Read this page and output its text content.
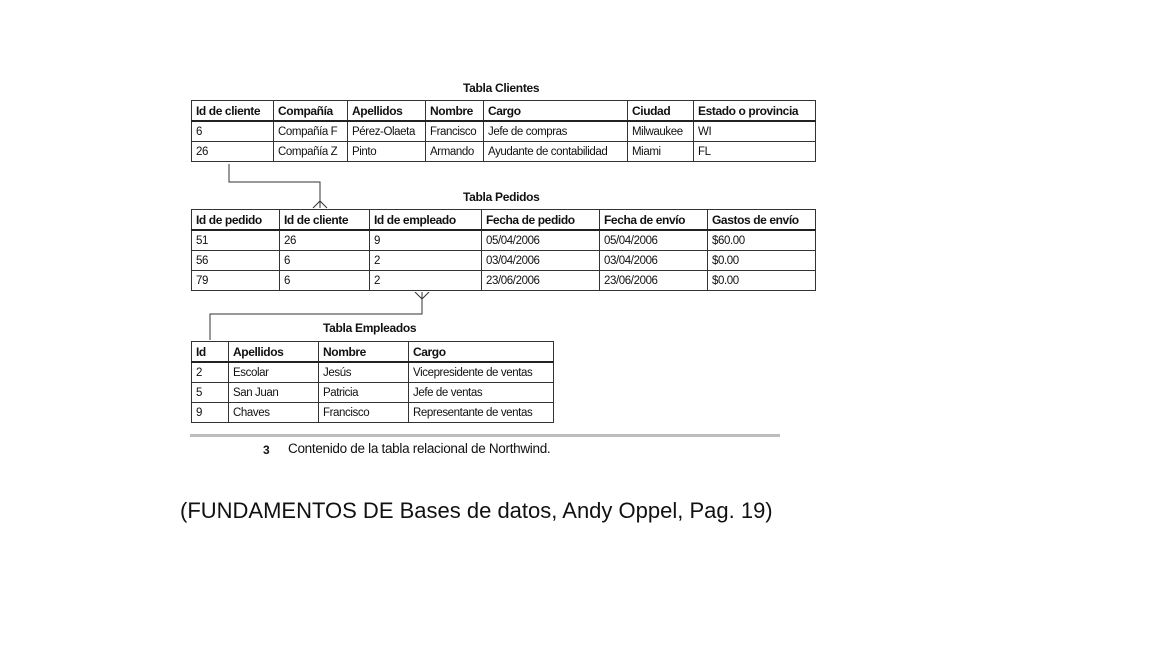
Tabla Clientes
Id de cliente	Compañía	Apellidos	Nombre	Cargo	Ciudad	Estado o provincia
6	Compañía F	Pérez-Olaeta	Francisco	Jefe de compras	Milwaukee	WI
26	Compañía Z	Pinto	Armando	Ayudante de contabilidad	Miami	FL
Tabla Pedidos
Id de pedido	Id de cliente	Id de empleado	Fecha de pedido	Fecha de envío	Gastos de envío
51	26	9	05/04/2006	05/04/2006	$60.00
56	6	2	03/04/2006	03/04/2006	$0.00
79	6	2	23/06/2006	23/06/2006	$0.00
Tabla Empleados
Id	Apellidos	Nombre	Cargo
2	Escolar	Jesús	Vicepresidente de ventas
5	San Juan	Patricia	Jefe de ventas
9	Chaves	Francisco	Representante de ventas
3 Contenido de la tabla relacional de Northwind.
(FUNDAMENTOS DE Bases de datos, Andy Oppel, Pag. 19)
